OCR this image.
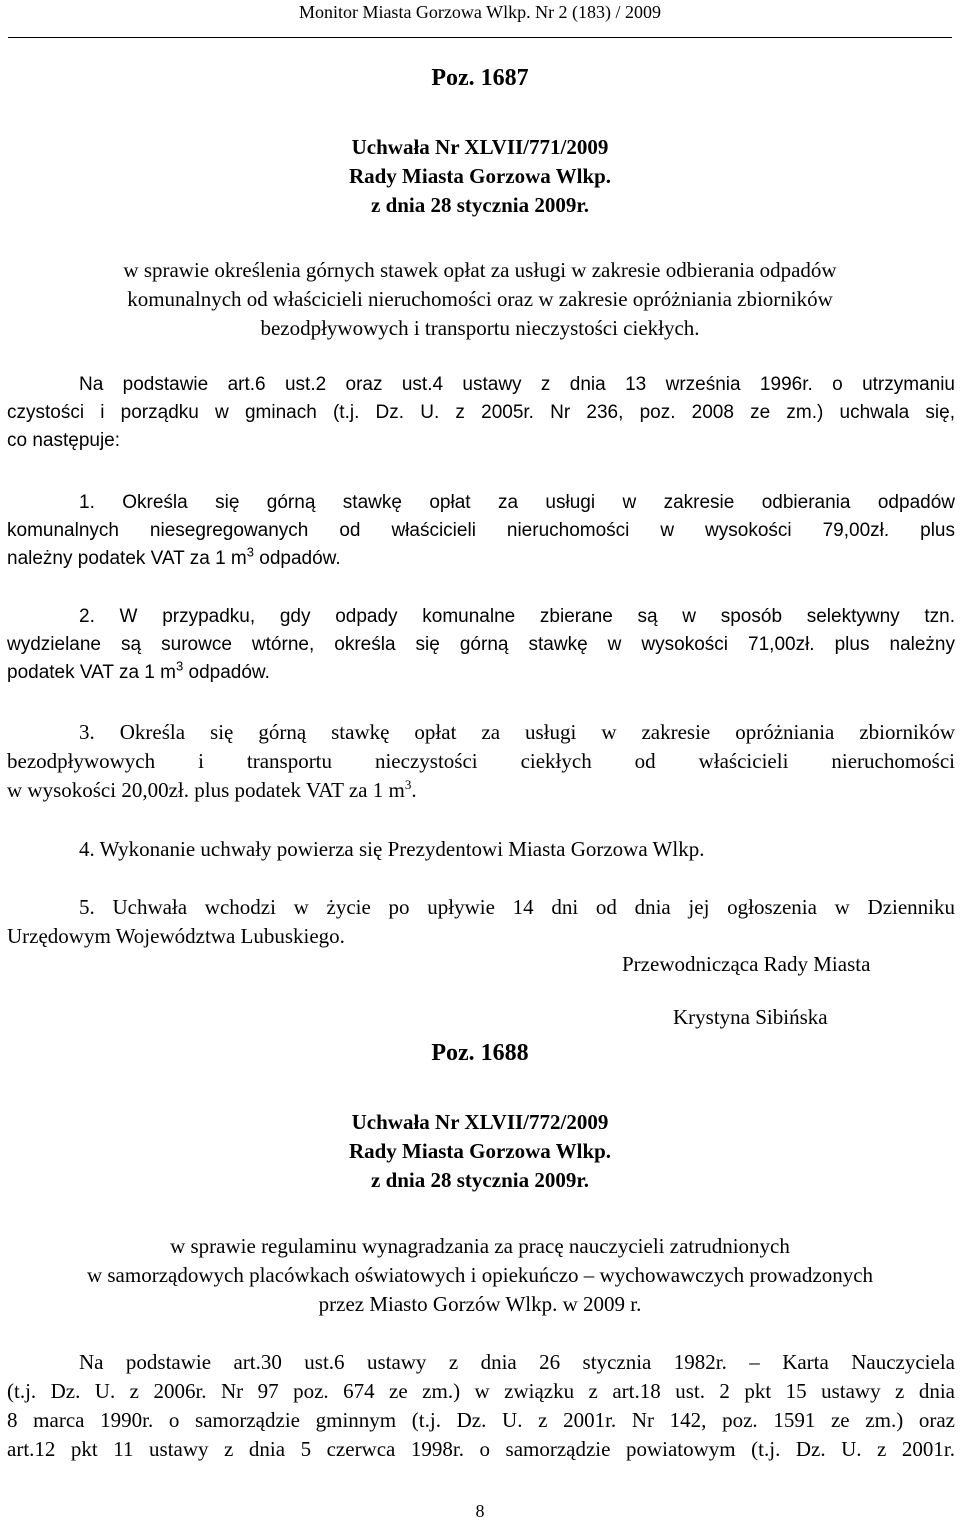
Monitor Miasta Gorzowa Wlkp. Nr 2 (183) / 2009
Poz. 1687
Uchwała Nr XLVII/771/2009
Rady Miasta Gorzowa Wlkp.
z dnia 28 stycznia 2009r.
w sprawie określenia górnych stawek opłat za usługi w zakresie odbierania odpadów
komunalnych od właścicieli nieruchomości oraz w zakresie opróżniania zbiorników
bezodpływowych i transportu nieczystości ciekłych.
Na podstawie art.6 ust.2 oraz ust.4 ustawy z dnia 13 września 1996r. o utrzymaniu
czystości i porządku w gminach (t.j. Dz. U. z 2005r. Nr 236, poz. 2008 ze zm.) uchwala się,
co następuje:
1. Określa się górną stawkę opłat za usługi w zakresie odbierania odpadów
komunalnych niesegregowanych od właścicieli nieruchomości w wysokości 79,00zł. plus
należny podatek VAT za 1 $m^3$ odpadów.
2. W przypadku, gdy odpady komunalne zbierane są w sposób selektywny tzn.
wydzielane są surowce wtórne, określa się górną stawkę w wysokości 71,00zł. plus należny
podatek VAT za 1 $m^3$ odpadów.
3. Określa się górną stawkę opłat za usługi w zakresie opróżniania zbiorników
bezodpływowych i transportu nieczystości ciekłych od właścicieli nieruchomości
w wysokości 20,00zł. plus podatek VAT za 1 $m^3$.
4. Wykonanie uchwały powierza się Prezydentowi Miasta Gorzowa Wlkp.
5. Uchwała wchodzi w życie po upływie 14 dni od dnia jej ogłoszenia w Dzienniku
Urzędowym Województwa Lubuskiego.
Przewodnicząca Rady Miasta
Krystyna Sibińska
Poz. 1688
Uchwała Nr XLVII/772/2009
Rady Miasta Gorzowa Wlkp.
z dnia 28 stycznia 2009r.
w sprawie regulaminu wynagradzania za pracę nauczycieli zatrudnionych
w samorządowych placówkach oświatowych i opiekuńczo – wychowawczych prowadzonych
przez Miasto Gorzów Wlkp. w 2009 r.
Na podstawie art.30 ust.6 ustawy z dnia 26 stycznia 1982r. – Karta Nauczyciela
(t.j. Dz. U. z 2006r. Nr 97 poz. 674 ze zm.) w związku z art.18 ust. 2 pkt 15 ustawy z dnia
8 marca 1990r. o samorządzie gminnym (t.j. Dz. U. z 2001r. Nr 142, poz. 1591 ze zm.) oraz
art.12 pkt 11 ustawy z dnia 5 czerwca 1998r. o samorządzie powiatowym (t.j. Dz. U. z 2001r.
8
